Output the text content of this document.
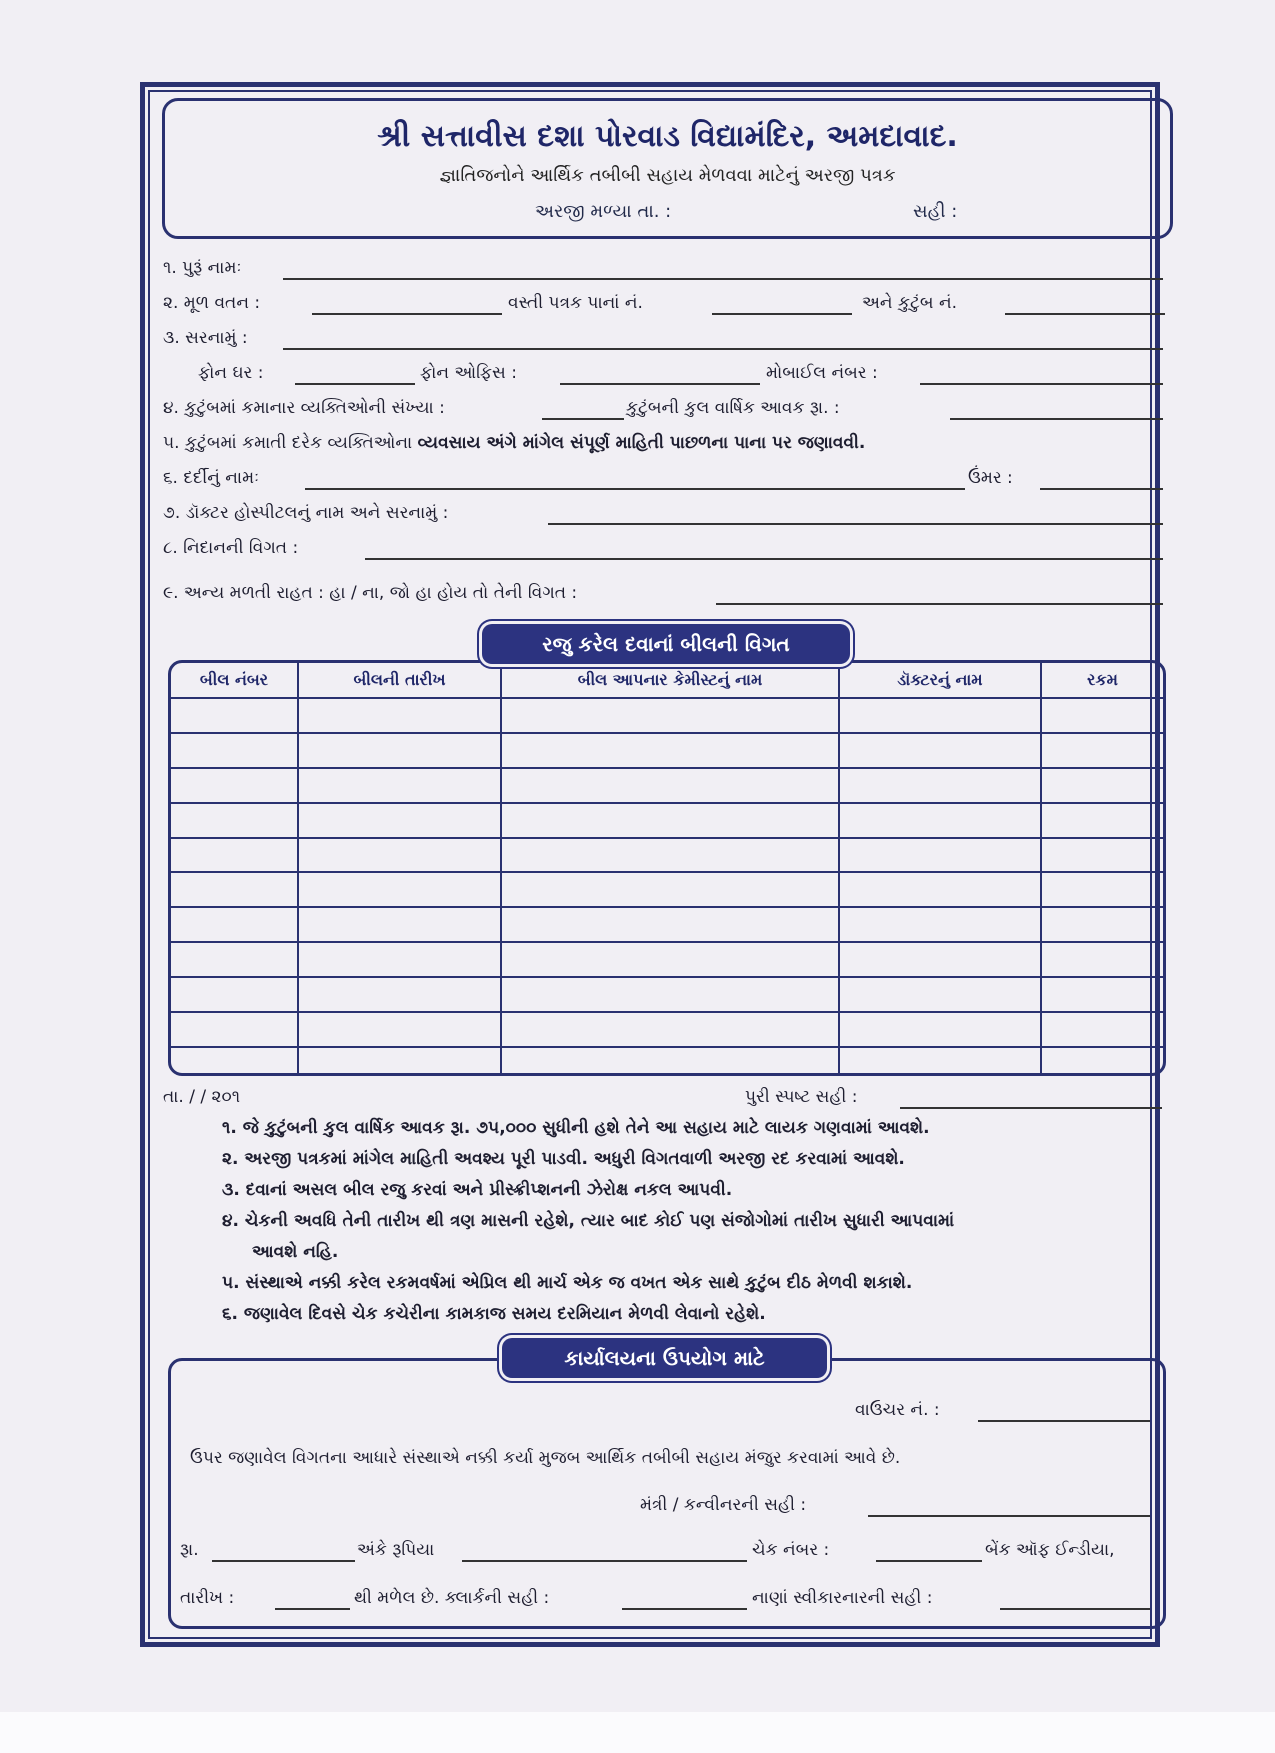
શ્રી સત્તાવીસ દશા પોરવાડ વિદ્યામંદિર, અમદાવાદ.
જ્ઞાતિજનોને આર્થિક તબીબી સહાય મેળવવા માટેનું અરજી પત્રક
અરજી મળ્યા તા. :	સહી :
૧. પુરૂં નામઃ
૨. મૂળ વતન :	વસ્તી પત્રક પાનાં નં.	અને કુટુંબ નં.
૩. સરનામું :
ફોન ઘર :	ફોન ઓફિસ :	મોબાઈલ નંબર :
૪. કુટુંબમાં કમાનાર વ્યક્તિઓની સંખ્યા :	કુટુંબની કુલ વાર્ષિક આવક રૂા. :
૫. કુટુંબમાં કમાતી દરેક વ્યક્તિઓના વ્યવસાય અંગે માંગેલ સંપૂર્ણ માહિતી પાછળના પાના પર જણાવવી.
૬. દર્દીનું નામઃ	ઉંમર :
૭. ડૉક્ટર હોસ્પીટલનું નામ અને સરનામું :
૮. નિદાનની વિગત :
૯. અન્ય મળતી રાહત : હા / ના, જો હા હોય તો તેની વિગત :
બીલ નંબર	બીલની તારીખ	બીલ આપનાર કેમીસ્ટનું નામ	ડૉક્ટરનું નામ	રકમ

રજુ કરેલ દવાનાં બીલની વિગત
તા. / / ૨૦૧	પુરી સ્પષ્ટ સહી :
૧. જે કુટુંબની કુલ વાર્ષિક આવક રૂા. ૭૫,૦૦૦ સુધીની હશે તેને આ સહાય માટે લાયક ગણવામાં આવશે.
૨. અરજી પત્રકમાં માંગેલ માહિતી અવશ્ય પૂરી પાડવી. અધુરી વિગતવાળી અરજી રદ કરવામાં આવશે.
૩. દવાનાં અસલ બીલ રજુ કરવાં અને પ્રીસ્ક્રીપ્શનની ઝેરોક્ષ નકલ આપવી.
૪. ચેકની અવધિ તેની તારીખ થી ત્રણ માસની રહેશે, ત્યાર બાદ કોઈ પણ સંજોગોમાં તારીખ સુધારી આપવામાં
આવશે નહિ.
૫. સંસ્થાએ નક્કી કરેલ રકમવર્ષમાં એપ્રિલ થી માર્ચ એક જ વખત એક સાથે કુટુંબ દીઠ મેળવી શકાશે.
૬. જણાવેલ દિવસે ચેક કચેરીના કામકાજ સમય દરમિયાન મેળવી લેવાનો રહેશે.
કાર્યાલયના ઉપયોગ માટે
વાઉચર નં. :
ઉપર જણાવેલ વિગતના આધારે સંસ્થાએ નક્કી કર્યા મુજબ આર્થિક તબીબી સહાય મંજુર કરવામાં આવે છે.
મંત્રી / કન્વીનરની સહી :
રૂા.	અંકે રૂપિયા	ચેક નંબર :	બેંક ઑફ ઈન્ડીયા,
તારીખ :	થી મળેલ છે. ક્લાર્કની સહી :	નાણાં સ્વીકારનારની સહી :
